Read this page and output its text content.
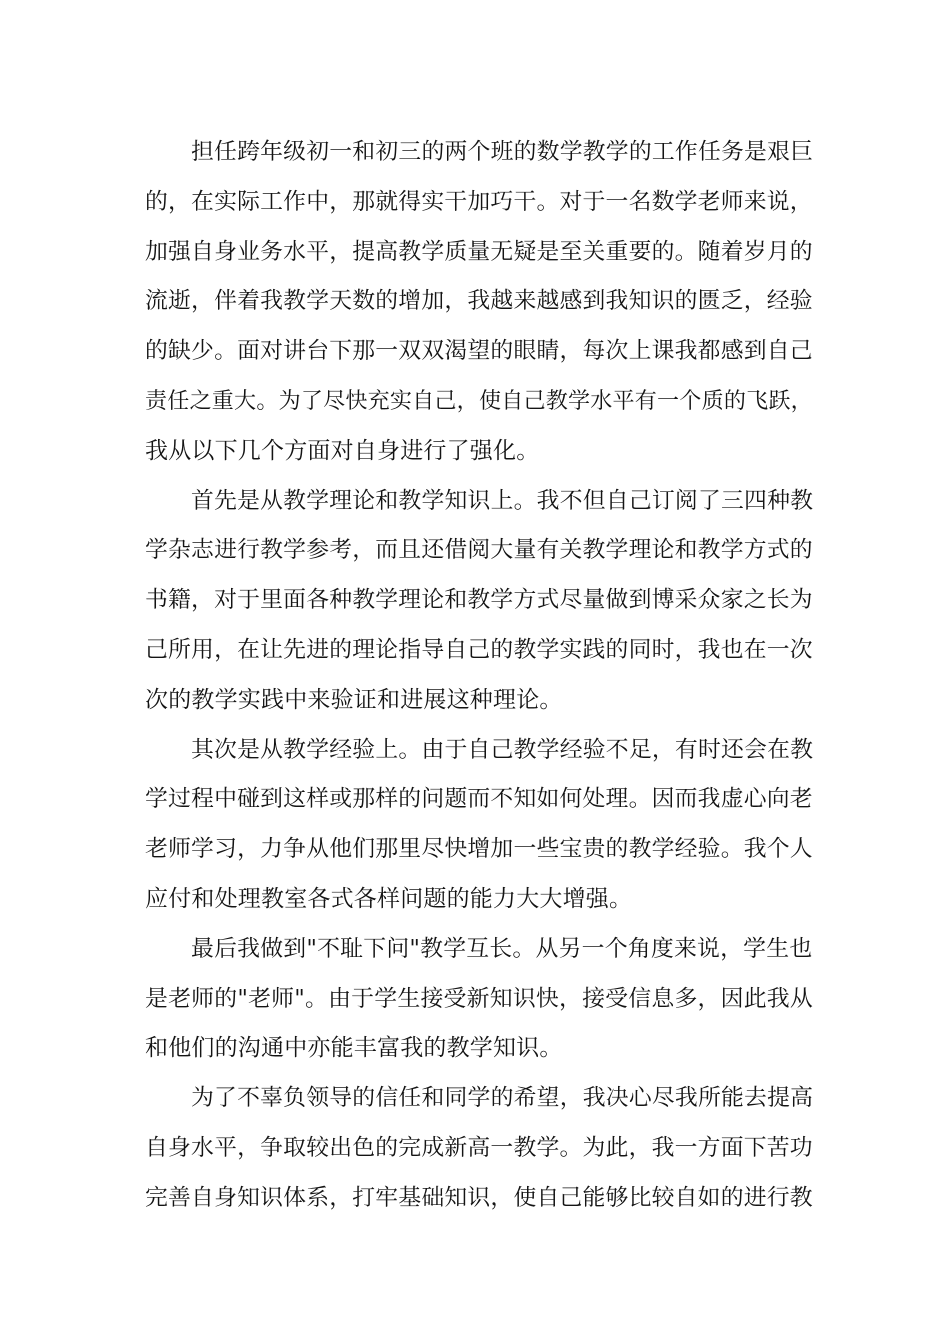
担任跨年级初一和初三的两个班的数学教学的工作任务是艰巨
的，在实际工作中，那就得实干加巧干。对于一名数学老师来说，
加强自身业务水平，提高教学质量无疑是至关重要的。随着岁月的
流逝，伴着我教学天数的增加，我越来越感到我知识的匮乏，经验
的缺少。面对讲台下那一双双渴望的眼睛，每次上课我都感到自己
责任之重大。为了尽快充实自己，使自己教学水平有一个质的飞跃，
我从以下几个方面对自身进行了强化。
首先是从教学理论和教学知识上。我不但自己订阅了三四种教
学杂志进行教学参考，而且还借阅大量有关教学理论和教学方式的
书籍，对于里面各种教学理论和教学方式尽量做到博采众家之长为
己所用，在让先进的理论指导自己的教学实践的同时，我也在一次
次的教学实践中来验证和进展这种理论。
其次是从教学经验上。由于自己教学经验不足，有时还会在教
学过程中碰到这样或那样的问题而不知如何处理。因而我虚心向老
老师学习，力争从他们那里尽快增加一些宝贵的教学经验。我个人
应付和处理教室各式各样问题的能力大大增强。
最后我做到"不耻下问"教学互长。从另一个角度来说，学生也
是老师的"老师"。由于学生接受新知识快，接受信息多，因此我从
和他们的沟通中亦能丰富我的教学知识。
为了不辜负领导的信任和同学的希望，我决心尽我所能去提高
自身水平，争取较出色的完成新高一教学。为此，我一方面下苦功
完善自身知识体系，打牢基础知识，使自己能够比较自如的进行教
